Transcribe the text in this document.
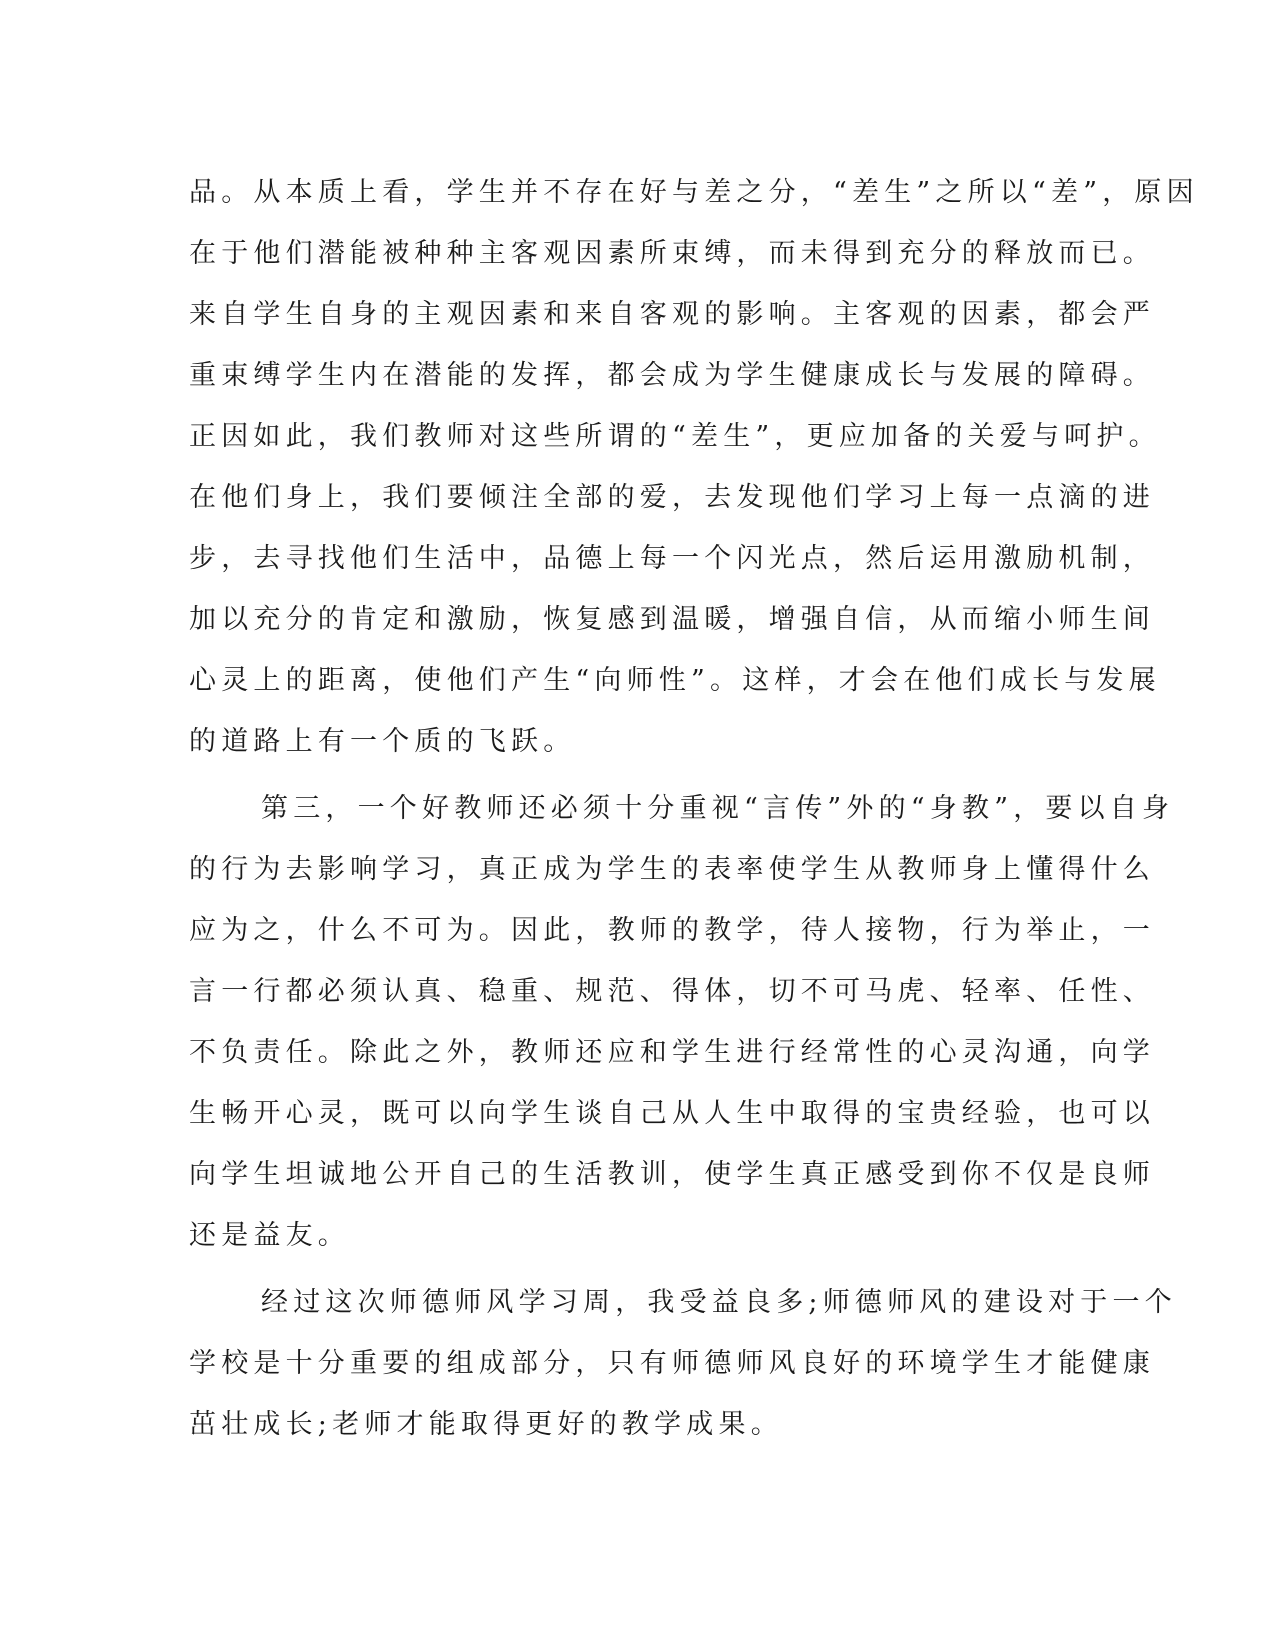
品。从本质上看，学生并不存在好与差之分，“差生”之所以“差”，原因
在于他们潜能被种种主客观因素所束缚，而未得到充分的释放而已。
来自学生自身的主观因素和来自客观的影响。主客观的因素，都会严
重束缚学生内在潜能的发挥，都会成为学生健康成长与发展的障碍。
正因如此，我们教师对这些所谓的“差生”，更应加备的关爱与呵护。
在他们身上，我们要倾注全部的爱，去发现他们学习上每一点滴的进
步，去寻找他们生活中，品德上每一个闪光点，然后运用激励机制，
加以充分的肯定和激励，恢复感到温暖，增强自信，从而缩小师生间
心灵上的距离，使他们产生“向师性”。这样，才会在他们成长与发展
的道路上有一个质的飞跃。
第三，一个好教师还必须十分重视“言传”外的“身教”，要以自身
的行为去影响学习，真正成为学生的表率使学生从教师身上懂得什么
应为之，什么不可为。因此，教师的教学，待人接物，行为举止，一
言一行都必须认真、稳重、规范、得体，切不可马虎、轻率、任性、
不负责任。除此之外，教师还应和学生进行经常性的心灵沟通，向学
生畅开心灵，既可以向学生谈自己从人生中取得的宝贵经验，也可以
向学生坦诚地公开自己的生活教训，使学生真正感受到你不仅是良师
还是益友。
经过这次师德师风学习周，我受益良多;师德师风的建设对于一个
学校是十分重要的组成部分，只有师德师风良好的环境学生才能健康
茁壮成长;老师才能取得更好的教学成果。
